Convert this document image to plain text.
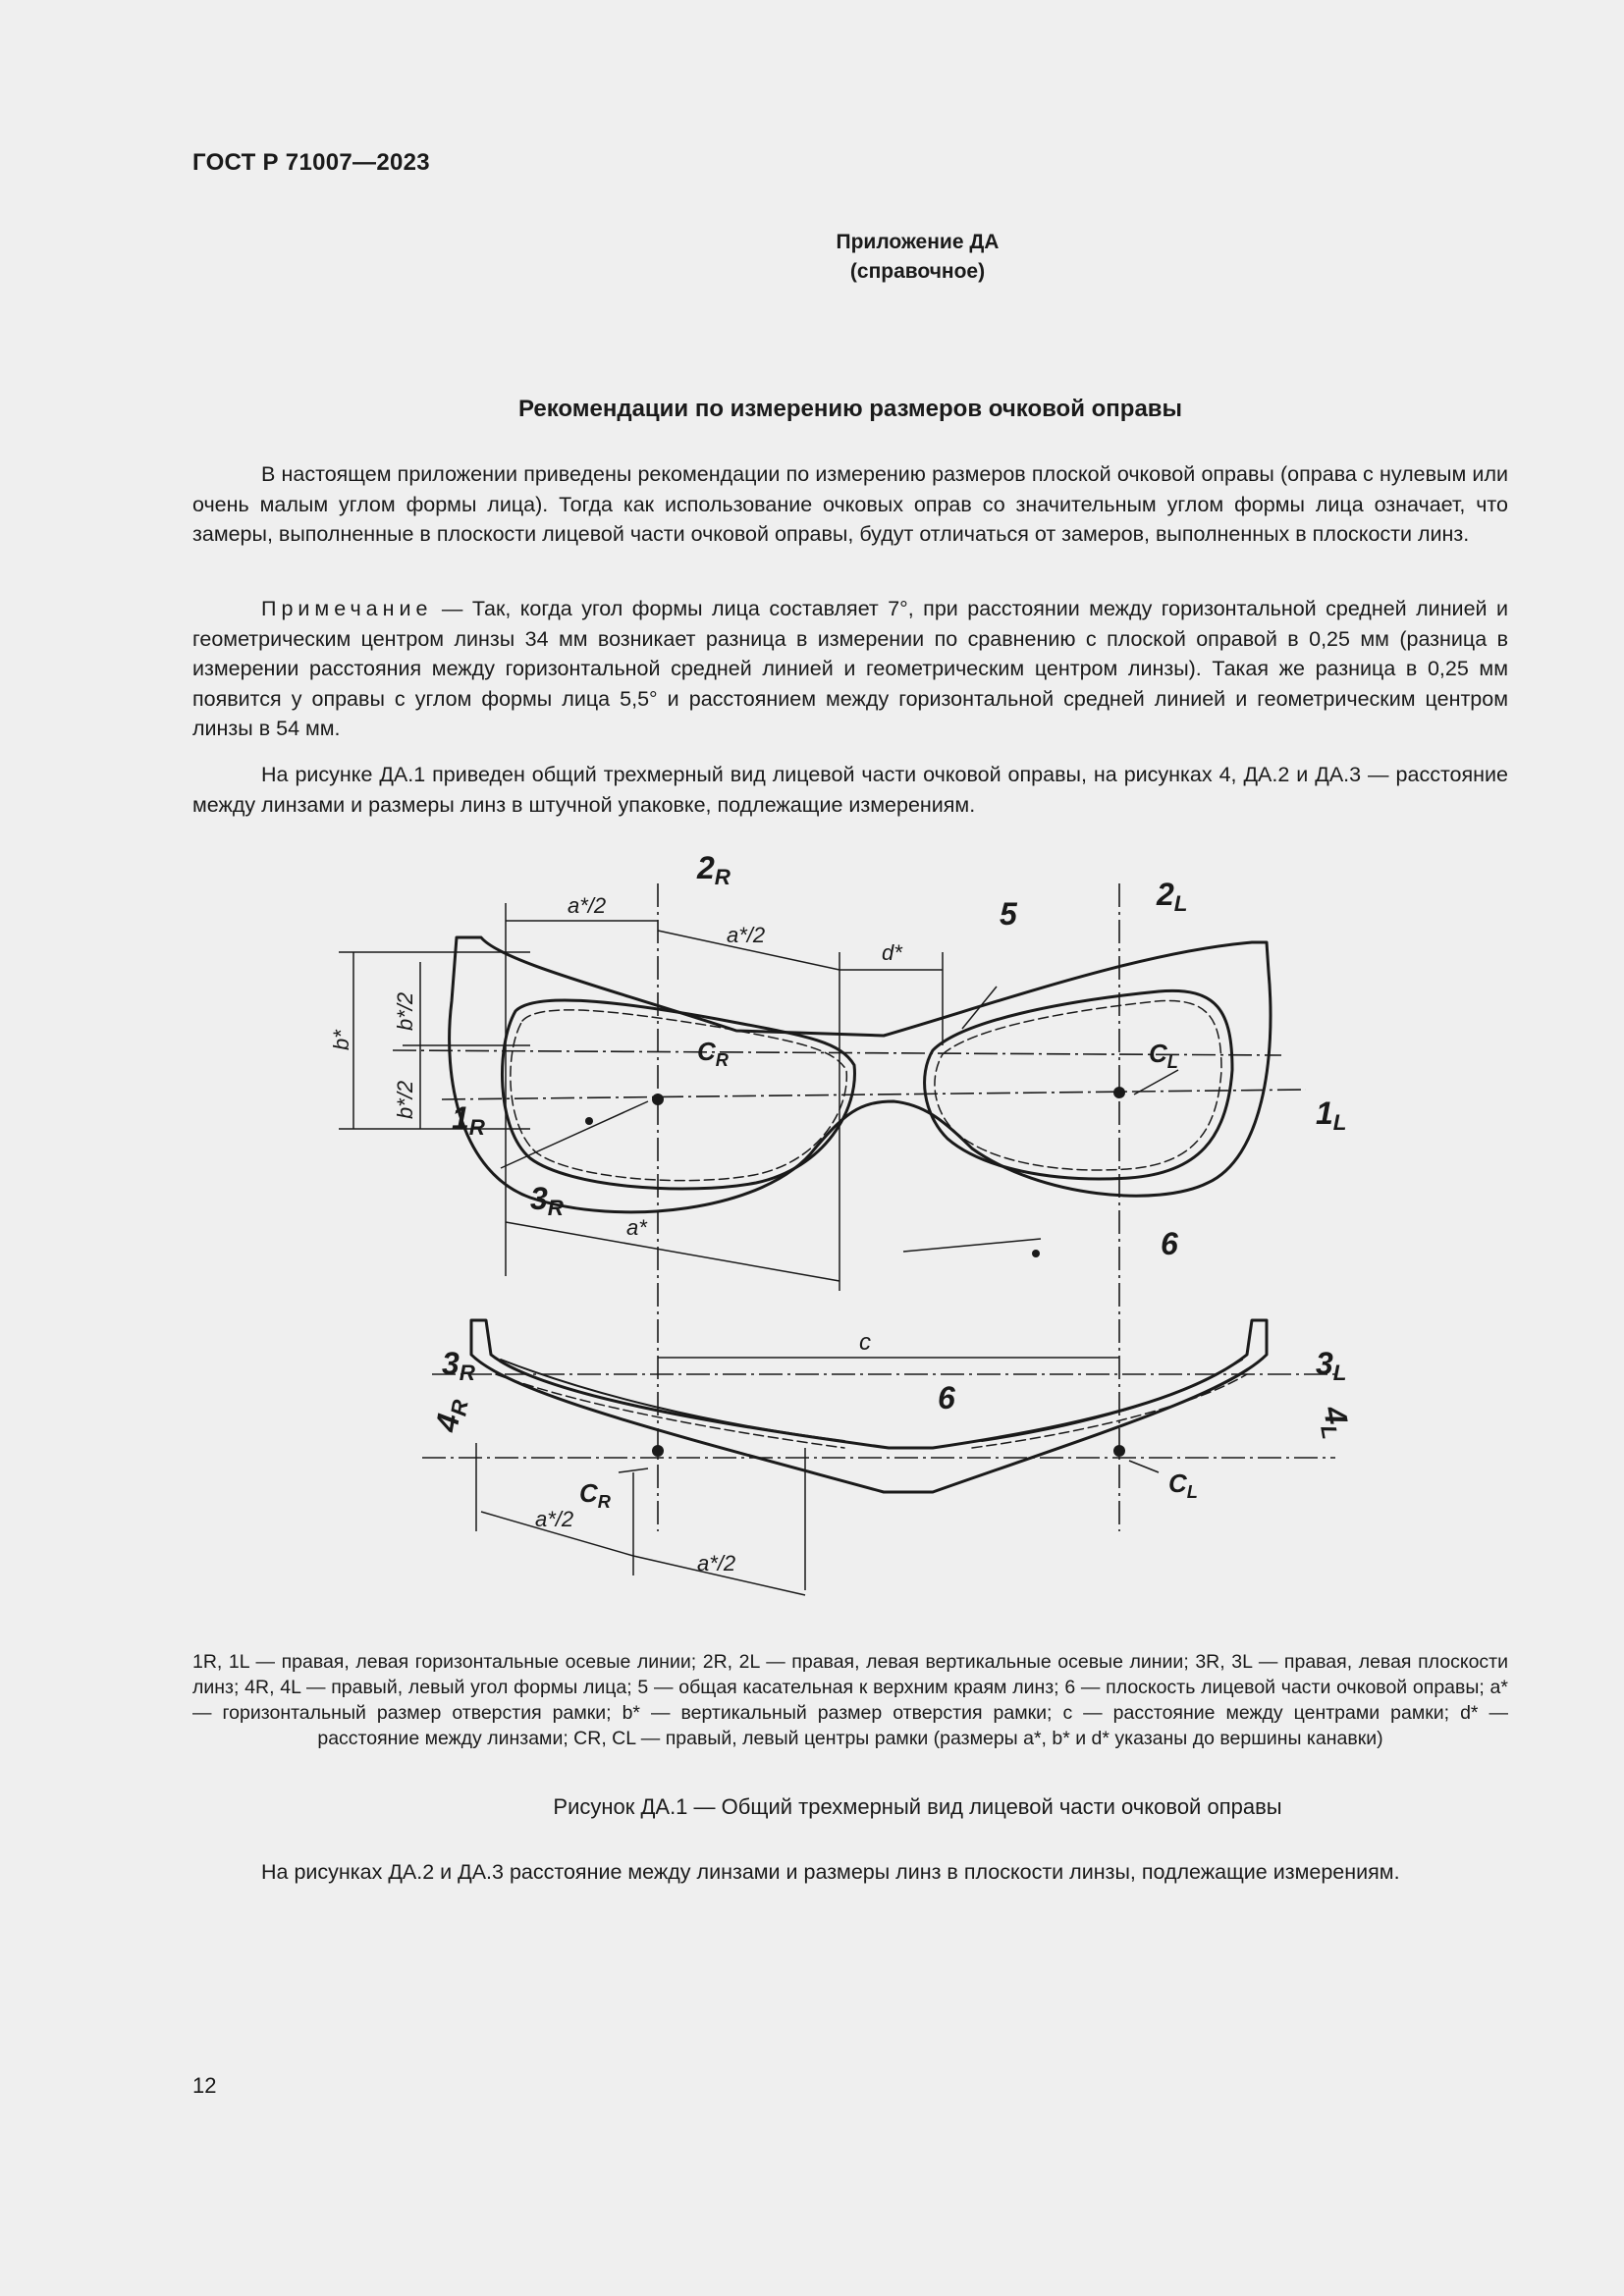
ГОСТ Р 71007—2023
Приложение ДА
(справочное)
Рекомендации по измерению размеров очковой оправы
В настоящем приложении приведены рекомендации по измерению размеров плоской очковой оправы (оправа с нулевым или очень малым углом формы лица). Тогда как использование очковых оправ со значительным углом формы лица означает, что замеры, выполненные в плоскости лицевой части очковой оправы, будут отличаться от замеров, выполненных в плоскости линз.
Примечание — Так, когда угол формы лица составляет 7°, при расстоянии между горизонтальной средней линией и геометрическим центром линзы 34 мм возникает разница в измерении по сравнению с плоской оправой в 0,25 мм (разница в измерении расстояния между горизонтальной средней линией и геометрическим центром линзы). Такая же разница в 0,25 мм появится у оправы с углом формы лица 5,5° и расстоянием между горизонтальной средней линией и геометрическим центром линзы в 54 мм.
На рисунке ДА.1 приведен общий трехмерный вид лицевой части очковой оправы, на рисунках 4, ДА.2 и ДА.3 — расстояние между линзами и размеры линз в штучной упаковке, подлежащие измерениям.
a*/2
a*/2
d*
a*
b*
b*/2
b*/2
c
a*/2
a*/2
2R	2L
5
$C_R$	$C_L$
1R	1L
3R
6
3R
4R	6
$C_R$
$C_L$
3L
4L
1R, 1L — правая, левая горизонтальные осевые линии; 2R, 2L — правая, левая вертикальные осевые линии; 3R, 3L — правая, левая плоскости линз; 4R, 4L — правый, левый угол формы лица; 5 — общая касательная к верхним краям линз; 6 — плоскость лицевой части очковой оправы; a*— горизонтальный размер отверстия рамки; b* — вертикальный размер отверстия рамки; c — расстояние между центрами рамки; d* — расстояние между линзами; CR, CL — правый, левый центры рамки (размеры a*, b* и d* указаны до вершины канавки)
Рисунок ДА.1 — Общий трехмерный вид лицевой части очковой оправы
На рисунках ДА.2 и ДА.3 расстояние между линзами и размеры линз в плоскости линзы, подлежащие измерениям.
12
